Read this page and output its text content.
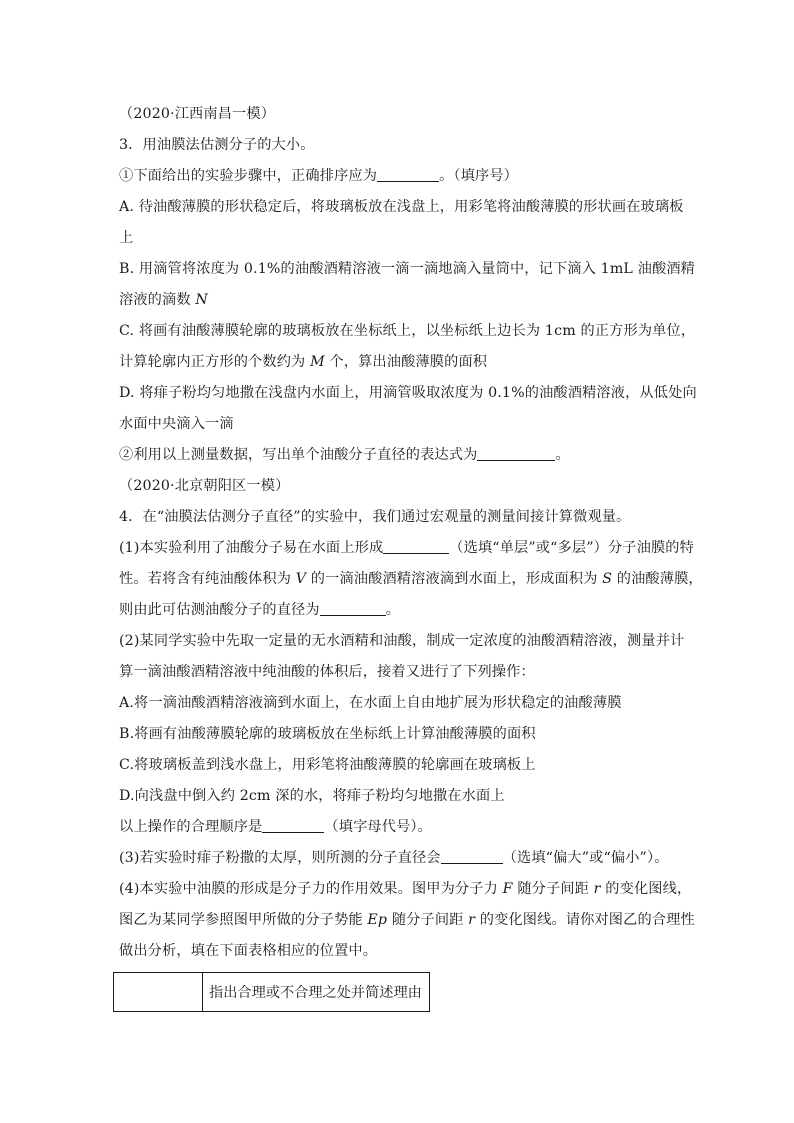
（2020·江西南昌一模）
3．用油膜法估测分子的大小。
①下面给出的实验步骤中，正确排序应为	。（填序号）
A. 待油酸薄膜的形状稳定后，将玻璃板放在浅盘上，用彩笔将油酸薄膜的形状画在玻璃板
上
B. 用滴管将浓度为 0.1%的油酸酒精溶液一滴一滴地滴入量筒中，记下滴入 1mL 油酸酒精
溶液的滴数 N
C. 将画有油酸薄膜轮廓的玻璃板放在坐标纸上，以坐标纸上边长为 1cm 的正方形为单位，
计算轮廓内正方形的个数约为 M 个，算出油酸薄膜的面积
D. 将痱子粉均匀地撒在浅盘内水面上，用滴管吸取浓度为 0.1%的油酸酒精溶液，从低处向
水面中央滴入一滴
②利用以上测量数据，写出单个油酸分子直径的表达式为	。
（2020·北京朝阳区一模）
4．在“油膜法估测分子直径”的实验中，我们通过宏观量的测量间接计算微观量。
(1)本实验利用了油酸分子易在水面上形成	（选填“单层”或“多层”）分子油膜的特
性。若将含有纯油酸体积为 V 的一滴油酸酒精溶液滴到水面上，形成面积为 S 的油酸薄膜，
则由此可估测油酸分子的直径为	。
(2)某同学实验中先取一定量的无水酒精和油酸，制成一定浓度的油酸酒精溶液，测量并计
算一滴油酸酒精溶液中纯油酸的体积后，接着又进行了下列操作：
A.将一滴油酸酒精溶液滴到水面上，在水面上自由地扩展为形状稳定的油酸薄膜
B.将画有油酸薄膜轮廓的玻璃板放在坐标纸上计算油酸薄膜的面积
C.将玻璃板盖到浅水盘上，用彩笔将油酸薄膜的轮廓画在玻璃板上
D.向浅盘中倒入约 2cm 深的水，将痱子粉均匀地撒在水面上
以上操作的合理顺序是	（填字母代号）。
(3)若实验时痱子粉撒的太厚，则所测的分子直径会	（选填“偏大”或“偏小”）。
(4)本实验中油膜的形成是分子力的作用效果。图甲为分子力 F 随分子间距 r 的变化图线，
图乙为某同学参照图甲所做的分子势能 Ep 随分子间距 r 的变化图线。请你对图乙的合理性
做出分析，填在下面表格相应的位置中。
	指出合理或不合理之处并简述理由
